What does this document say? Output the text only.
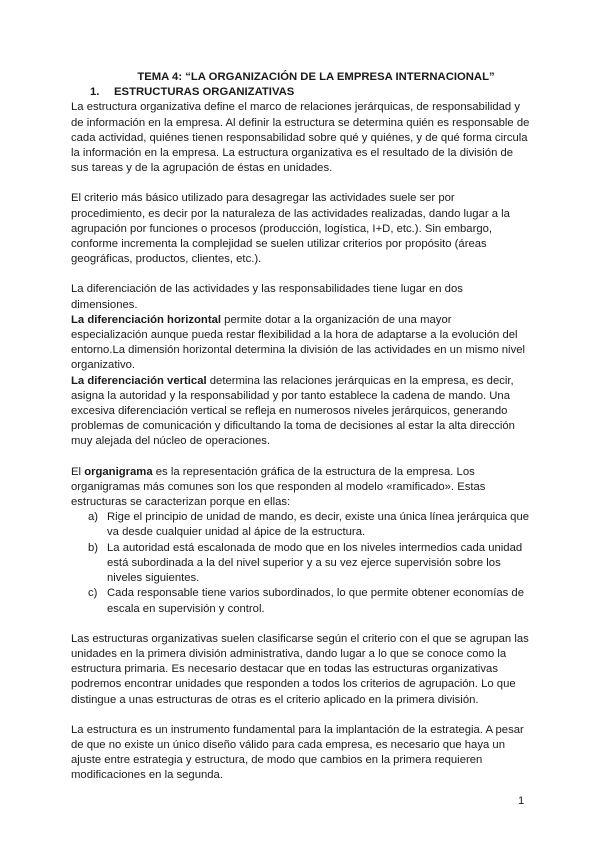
TEMA 4: “LA ORGANIZACIÓN DE LA EMPRESA INTERNACIONAL”

1. ESTRUCTURAS ORGANIZATIVAS

La estructura organizativa define el marco de relaciones jerárquicas, de responsabilidad y de información en la empresa. Al definir la estructura se determina quién es responsable de cada actividad, quiénes tienen responsabilidad sobre qué y quiénes, y de qué forma circula la información en la empresa. La estructura organizativa es el resultado de la división de sus tareas y de la agrupación de éstas en unidades.

El criterio más básico utilizado para desagregar las actividades suele ser por procedimiento, es decir por la naturaleza de las actividades realizadas, dando lugar a la agrupación por funciones o procesos (producción, logística, I+D, etc.). Sin embargo, conforme incrementa la complejidad se suelen utilizar criterios por propósito (áreas geográficas, productos, clientes, etc.).

La diferenciación de las actividades y las responsabilidades tiene lugar en dos dimensiones.

La diferenciación horizontal permite dotar a la organización de una mayor especialización aunque pueda restar flexibilidad a la hora de adaptarse a la evolución del entorno.La dimensión horizontal determina la división de las actividades en un mismo nivel organizativo.

La diferenciación vertical determina las relaciones jerárquicas en la empresa, es decir, asigna la autoridad y la responsabilidad y por tanto establece la cadena de mando. Una excesiva diferenciación vertical se refleja en numerosos niveles jerárquicos, generando problemas de comunicación y dificultando la toma de decisiones al estar la alta dirección muy alejada del núcleo de operaciones.

El organigrama es la representación gráfica de la estructura de la empresa. Los organigramas más comunes son los que responden al modelo «ramificado». Estas estructuras se caracterizan porque en ellas:

a) Rige el principio de unidad de mando, es decir, existe una única línea jerárquica que va desde cualquier unidad al ápice de la estructura.
b) La autoridad está escalonada de modo que en los niveles intermedios cada unidad está subordinada a la del nivel superior y a su vez ejerce supervisión sobre los niveles siguientes.
c) Cada responsable tiene varios subordinados, lo que permite obtener economías de escala en supervisión y control.

Las estructuras organizativas suelen clasificarse según el criterio con el que se agrupan las unidades en la primera división administrativa, dando lugar a lo que se conoce como la estructura primaria. Es necesario destacar que en todas las estructuras organizativas podremos encontrar unidades que responden a todos los criterios de agrupación. Lo que distingue a unas estructuras de otras es el criterio aplicado en la primera división.

La estructura es un instrumento fundamental para la implantación de la estrategia. A pesar de que no existe un único diseño válido para cada empresa, es necesario que haya un ajuste entre estrategia y estructura, de modo que cambios en la primera requieren modificaciones en la segunda.

1
